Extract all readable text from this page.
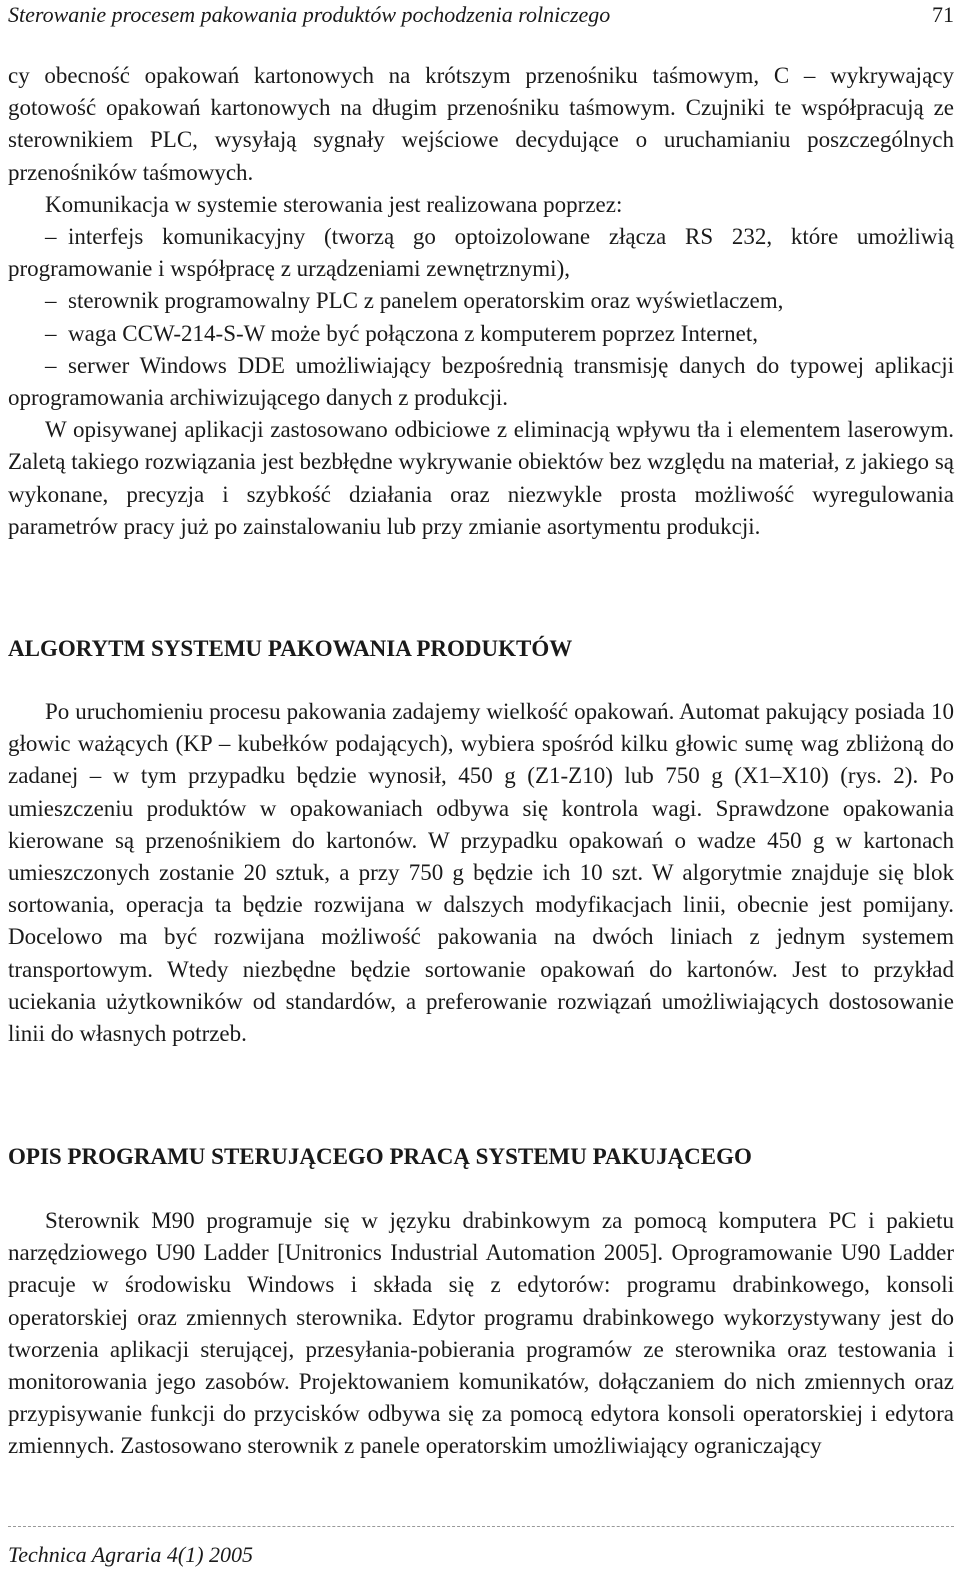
Sterowanie procesem pakowania produktów pochodzenia rolniczego	71

cy obecność opakowań kartonowych na krótszym przenośniku taśmowym, C – wykrywający gotowość opakowań kartonowych na długim przenośniku taśmowym. Czujniki te współpracują ze sterownikiem PLC, wysyłają sygnały wejściowe decydujące o uruchamianiu poszczególnych przenośników taśmowych.

Komunikacja w systemie sterowania jest realizowana poprzez:

– interfejs komunikacyjny (tworzą go optoizolowane złącza RS 232, które umożliwią programowanie i współpracę z urządzeniami zewnętrznymi),
– sterownik programowalny PLC z panelem operatorskim oraz wyświetlaczem,
– waga CCW-214-S-W może być połączona z komputerem poprzez Internet,
– serwer Windows DDE umożliwiający bezpośrednią transmisję danych do typowej aplikacji oprogramowania archiwizującego danych z produkcji.

W opisywanej aplikacji zastosowano odbiciowe z eliminacją wpływu tła i elementem laserowym. Zaletą takiego rozwiązania jest bezbłędne wykrywanie obiektów bez względu na materiał, z jakiego są wykonane, precyzja i szybkość działania oraz niezwykle prosta możliwość wyregulowania parametrów pracy już po zainstalowaniu lub przy zmianie asortymentu produkcji.

ALGORYTM SYSTEMU PAKOWANIA PRODUKTÓW

Po uruchomieniu procesu pakowania zadajemy wielkość opakowań. Automat pakujący posiada 10 głowic ważących (KP – kubełków podających), wybiera spośród kilku głowic sumę wag zbliżoną do zadanej – w tym przypadku będzie wynosił, 450 g (Z1-Z10) lub 750 g (X1–X10) (rys. 2). Po umieszczeniu produktów w opakowaniach odbywa się kontrola wagi. Sprawdzone opakowania kierowane są przenośnikiem do kartonów. W przypadku opakowań o wadze 450 g w kartonach umieszczonych zostanie 20 sztuk, a przy 750 g będzie ich 10 szt. W algorytmie znajduje się blok sortowania, operacja ta będzie rozwijana w dalszych modyfikacjach linii, obecnie jest pomijany. Docelowo ma być rozwijana możliwość pakowania na dwóch liniach z jednym systemem transportowym. Wtedy niezbędne będzie sortowanie opakowań do kartonów. Jest to przykład uciekania użytkowników od standardów, a preferowanie rozwiązań umożliwiających dostosowanie linii do własnych potrzeb.

OPIS PROGRAMU STERUJĄCEGO PRACĄ SYSTEMU PAKUJĄCEGO

Sterownik M90 programuje się w języku drabinkowym za pomocą komputera PC i pakietu narzędziowego U90 Ladder [Unitronics Industrial Automation 2005]. Oprogramowanie U90 Ladder pracuje w środowisku Windows i składa się z edytorów: programu drabinkowego, konsoli operatorskiej oraz zmiennych sterownika. Edytor programu drabinkowego wykorzystywany jest do tworzenia aplikacji sterującej, przesyłania-pobierania programów ze sterownika oraz testowania i monitorowania jego zasobów. Projektowaniem komunikatów, dołączaniem do nich zmiennych oraz przypisywanie funkcji do przycisków odbywa się za pomocą edytora konsoli operatorskiej i edytora zmiennych. Zastosowano sterownik z panele operatorskim umożliwiający ograniczający

Technica Agraria 4(1) 2005
